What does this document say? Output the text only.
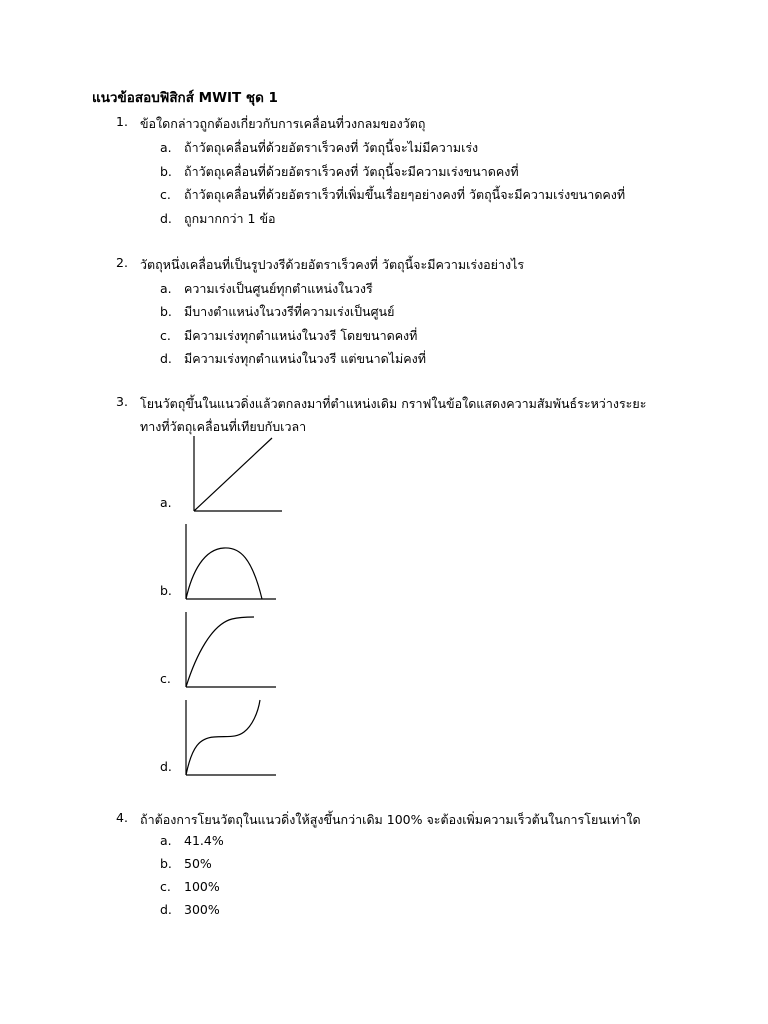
แนวข้อสอบฟิสิกส์ MWIT ชุด 1
1. ข้อใดกล่าวถูกต้องเกี่ยวกับการเคลื่อนที่วงกลมของวัตถุ
a. ถ้าวัตถุเคลื่อนที่ด้วยอัตราเร็วคงที่ วัตถุนี้จะไม่มีความเร่ง
b. ถ้าวัตถุเคลื่อนที่ด้วยอัตราเร็วคงที่ วัตถุนี้จะมีความเร่งขนาดคงที่
c. ถ้าวัตถุเคลื่อนที่ด้วยอัตราเร็วที่เพิ่มขึ้นเรื่อยๆอย่างคงที่ วัตถุนี้จะมีความเร่งขนาดคงที่
d. ถูกมากกว่า 1 ข้อ
2. วัตถุหนึ่งเคลื่อนที่เป็นรูปวงรีด้วยอัตราเร็วคงที่ วัตถุนี้จะมีความเร่งอย่างไร
a. ความเร่งเป็นศูนย์ทุกตำแหน่งในวงรี
b. มีบางตำแหน่งในวงรีที่ความเร่งเป็นศูนย์
c. มีความเร่งทุกตำแหน่งในวงรี โดยขนาดคงที่
d. มีความเร่งทุกตำแหน่งในวงรี แต่ขนาดไม่คงที่
3. โยนวัตถุขึ้นในแนวดิ่งแล้วตกลงมาที่ตำแหน่งเดิม กราฟในข้อใดแสดงความสัมพันธ์ระหว่างระยะ
ทางที่วัตถุเคลื่อนที่เทียบกับเวลา
a.
b.
c.
d.
4. ถ้าต้องการโยนวัตถุในแนวดิ่งให้สูงขึ้นกว่าเดิม 100% จะต้องเพิ่มความเร็วต้นในการโยนเท่าใด
a. 41.4%
b. 50%
c. 100%
d. 300%
